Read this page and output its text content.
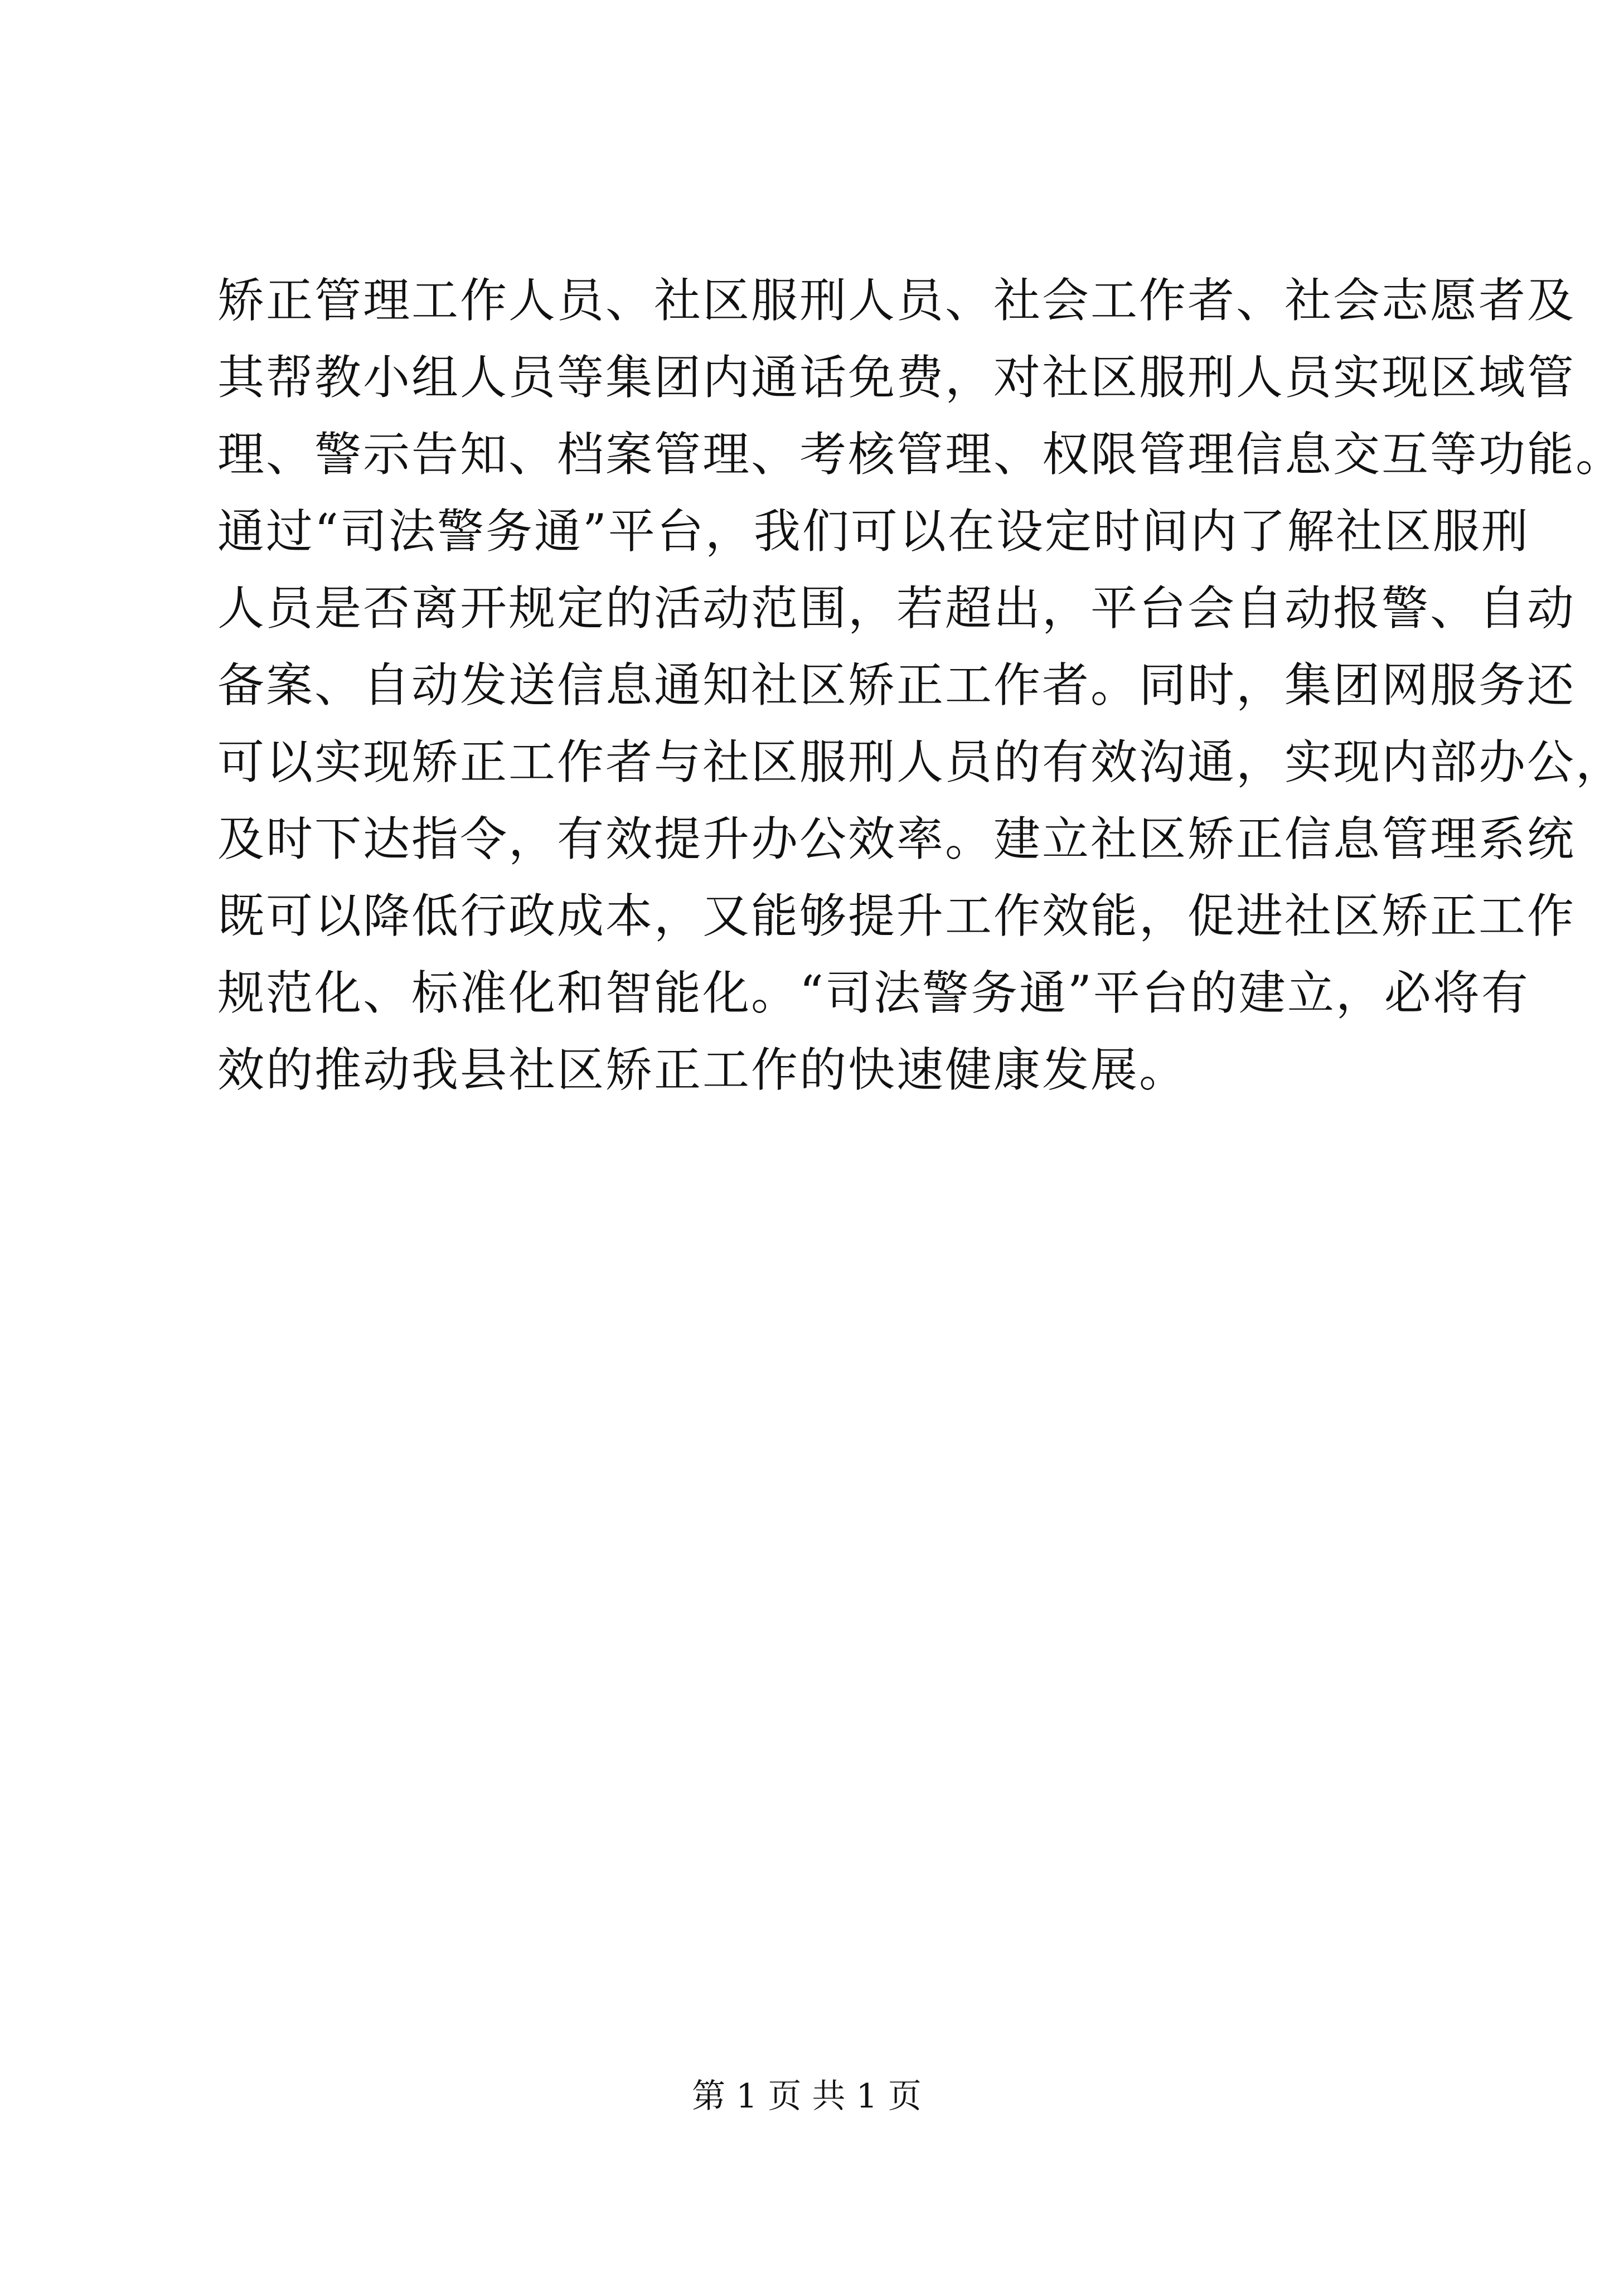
矫正管理工作人员、社区服刑人员、社会工作者、社会志愿者及
其帮教小组人员等集团内通话免费，对社区服刑人员实现区域管
理、警示告知、档案管理、考核管理、权限管理信息交互等功能。
通过“司法警务通”平台，我们可以在设定时间内了解社区服刑
人员是否离开规定的活动范围，若超出，平台会自动报警、自动
备案、自动发送信息通知社区矫正工作者。同时，集团网服务还
可以实现矫正工作者与社区服刑人员的有效沟通，实现内部办公，
及时下达指令，有效提升办公效率。建立社区矫正信息管理系统
既可以降低行政成本，又能够提升工作效能，促进社区矫正工作
规范化、标准化和智能化。“司法警务通”平台的建立，必将有
效的推动我县社区矫正工作的快速健康发展。
第 1 页 共 1 页
